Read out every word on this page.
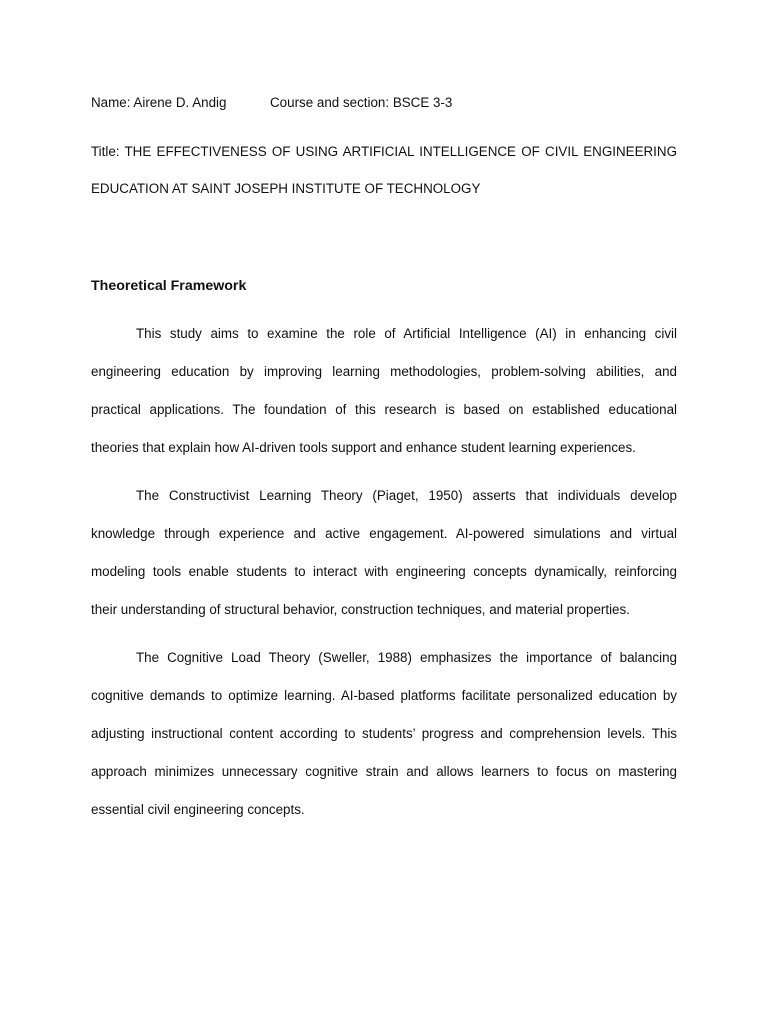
Name: Airene D. Andig	Course and section: BSCE 3-3
Title: THE EFFECTIVENESS OF USING ARTIFICIAL INTELLIGENCE OF CIVIL ENGINEERING
EDUCATION AT SAINT JOSEPH INSTITUTE OF TECHNOLOGY
Theoretical Framework
This study aims to examine the role of Artificial Intelligence (AI) in enhancing civil
engineering education by improving learning methodologies, problem-solving abilities, and
practical applications. The foundation of this research is based on established educational
theories that explain how AI-driven tools support and enhance student learning experiences.
The Constructivist Learning Theory (Piaget, 1950) asserts that individuals develop
knowledge through experience and active engagement. AI-powered simulations and virtual
modeling tools enable students to interact with engineering concepts dynamically, reinforcing
their understanding of structural behavior, construction techniques, and material properties.
The Cognitive Load Theory (Sweller, 1988) emphasizes the importance of balancing
cognitive demands to optimize learning. AI-based platforms facilitate personalized education by
adjusting instructional content according to students’ progress and comprehension levels. This
approach minimizes unnecessary cognitive strain and allows learners to focus on mastering
essential civil engineering concepts.
